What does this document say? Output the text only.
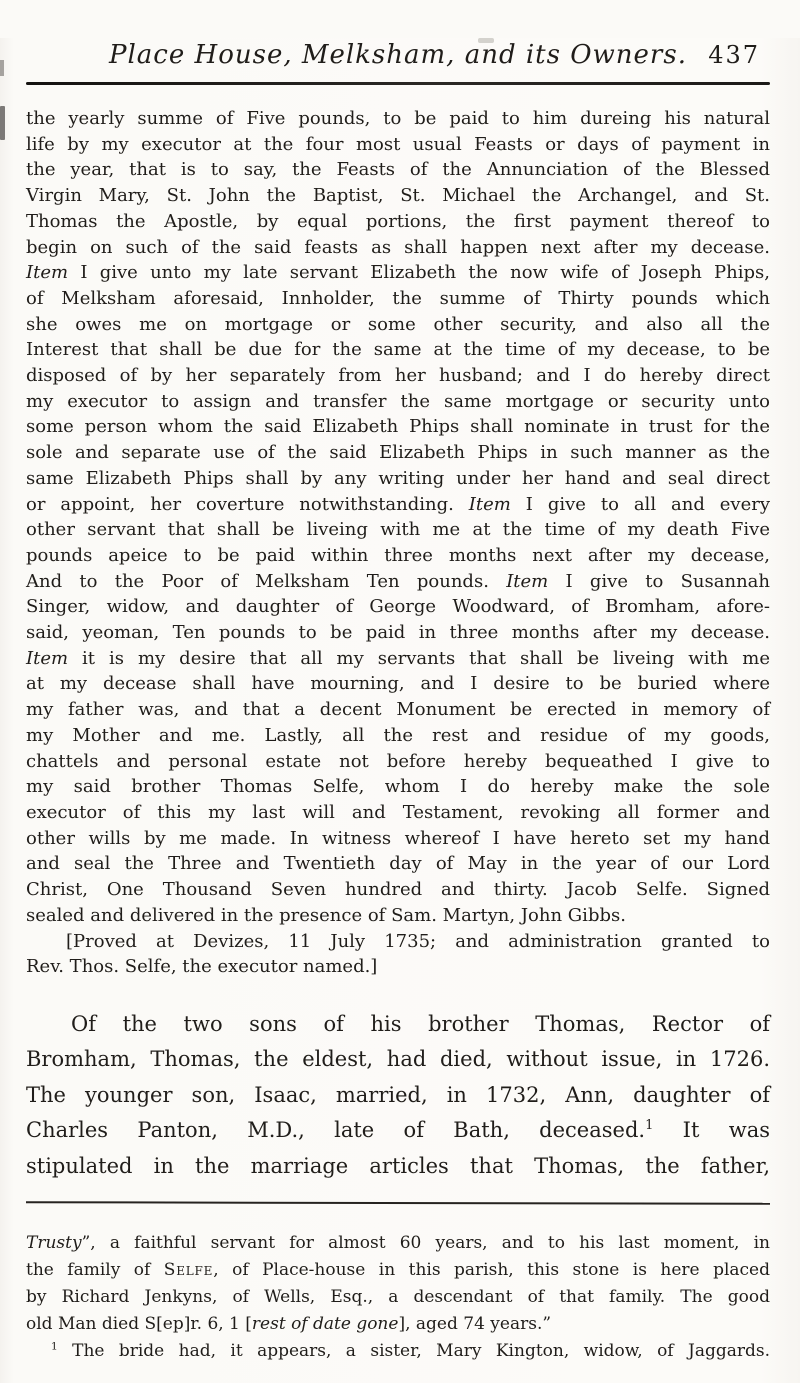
Place House, Melksham, and its Owners. 437
the yearly summe of Five pounds, to be paid to him dureing his natural
life by my executor at the four most usual Feasts or days of payment in
the year, that is to say, the Feasts of the Annunciation of the Blessed
Virgin Mary, St. John the Baptist, St. Michael the Archangel, and St.
Thomas the Apostle, by equal portions, the first payment thereof to
begin on such of the said feasts as shall happen next after my decease.
Item I give unto my late servant Elizabeth the now wife of Joseph Phips,
of Melksham aforesaid, Innholder, the summe of Thirty pounds which
she owes me on mortgage or some other security, and also all the
Interest that shall be due for the same at the time of my decease, to be
disposed of by her separately from her husband; and I do hereby direct
my executor to assign and transfer the same mortgage or security unto
some person whom the said Elizabeth Phips shall nominate in trust for the
sole and separate use of the said Elizabeth Phips in such manner as the
same Elizabeth Phips shall by any writing under her hand and seal direct
or appoint, her coverture notwithstanding. Item I give to all and every
other servant that shall be liveing with me at the time of my death Five
pounds apeice to be paid within three months next after my decease,
And to the Poor of Melksham Ten pounds. Item I give to Susannah
Singer, widow, and daughter of George Woodward, of Bromham, afore-
said, yeoman, Ten pounds to be paid in three months after my decease.
Item it is my desire that all my servants that shall be liveing with me
at my decease shall have mourning, and I desire to be buried where
my father was, and that a decent Monument be erected in memory of
my Mother and me. Lastly, all the rest and residue of my goods,
chattels and personal estate not before hereby bequeathed I give to
my said brother Thomas Selfe, whom I do hereby make the sole
executor of this my last will and Testament, revoking all former and
other wills by me made. In witness whereof I have hereto set my hand
and seal the Three and Twentieth day of May in the year of our Lord
Christ, One Thousand Seven hundred and thirty. Jacob Selfe. Signed
sealed and delivered in the presence of Sam. Martyn, John Gibbs.
[Proved at Devizes, 11 July 1735; and administration granted to
Rev. Thos. Selfe, the executor named.]
Of the two sons of his brother Thomas, Rector of
Bromham, Thomas, the eldest, had died, without issue, in 1726.
The younger son, Isaac, married, in 1732, Ann, daughter of
Charles Panton, M.D., late of Bath, deceased.$^1$ It was
stipulated in the marriage articles that Thomas, the father,
Trusty”, a faithful servant for almost 60 years, and to his last moment, in
the family of Selfe, of Place-house in this parish, this stone is here placed
by Richard Jenkyns, of Wells, Esq., a descendant of that family. The good
old Man died S[ep]r. 6, 1 [rest of date gone], aged 74 years.”
$^1$ The bride had, it appears, a sister, Mary Kington, widow, of Jaggards.
